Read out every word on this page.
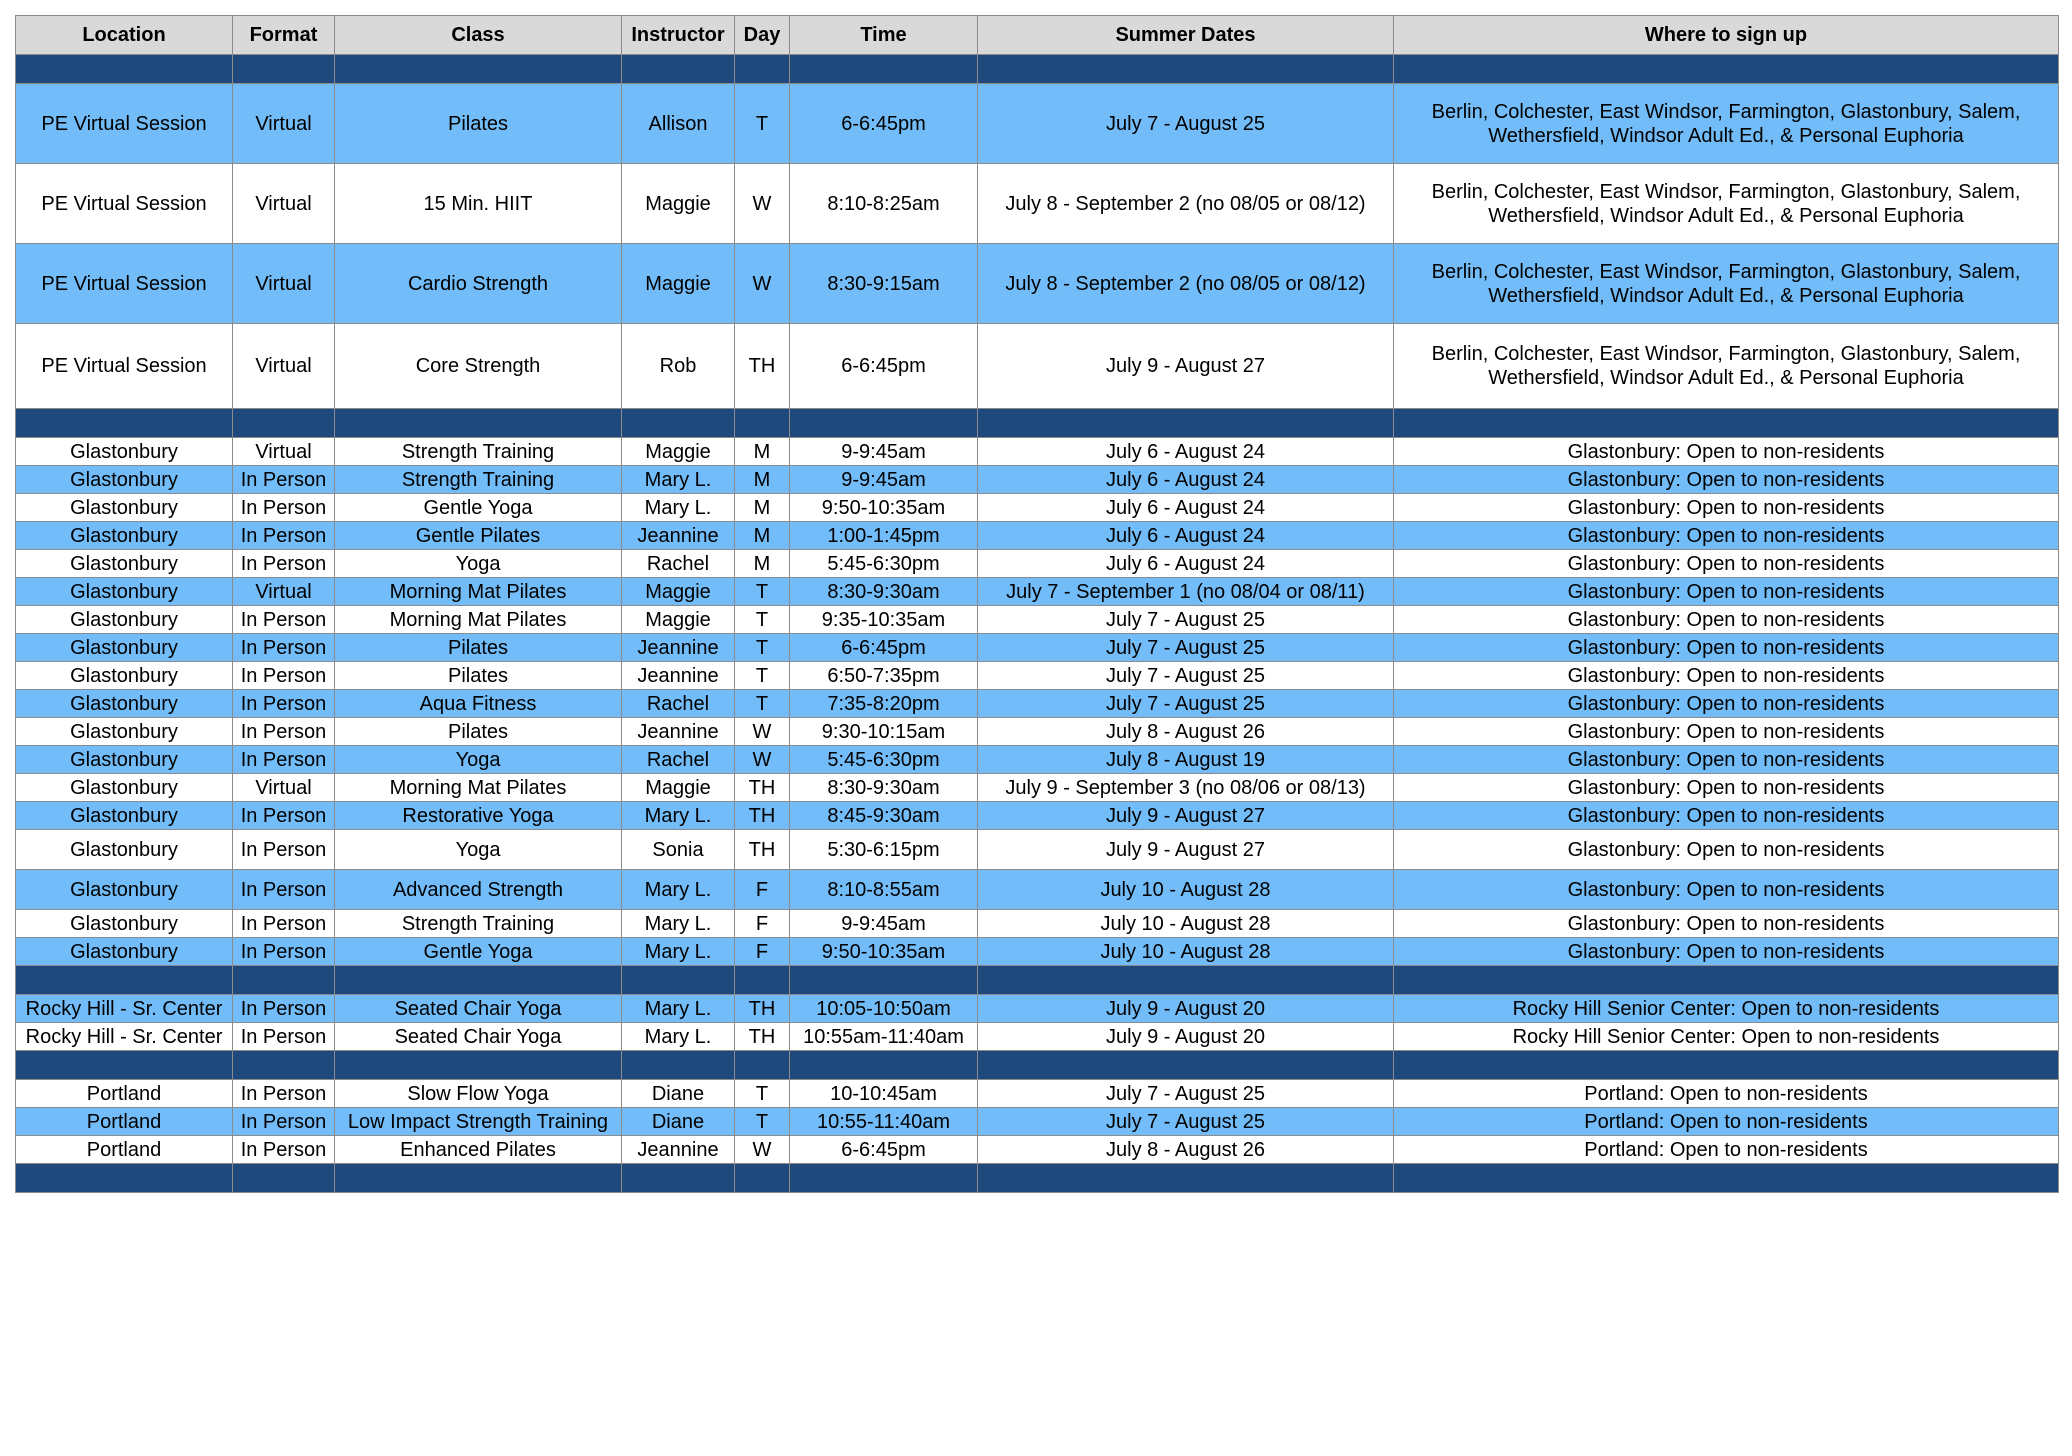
Location	Format	Class	Instructor	Day	Time	Summer Dates	Where to sign up

PE Virtual Session	Virtual	Pilates	Allison	T	6-6:45pm	July 7 - August 25	Berlin, Colchester, East Windsor, Farmington, Glastonbury, Salem, Wethersfield, Windsor Adult Ed., & Personal Euphoria
PE Virtual Session	Virtual	15 Min. HIIT	Maggie	W	8:10-8:25am	July 8 - September 2 (no 08/05 or 08/12)	Berlin, Colchester, East Windsor, Farmington, Glastonbury, Salem, Wethersfield, Windsor Adult Ed., & Personal Euphoria
PE Virtual Session	Virtual	Cardio Strength	Maggie	W	8:30-9:15am	July 8 - September 2 (no 08/05 or 08/12)	Berlin, Colchester, East Windsor, Farmington, Glastonbury, Salem, Wethersfield, Windsor Adult Ed., & Personal Euphoria
PE Virtual Session	Virtual	Core Strength	Rob	TH	6-6:45pm	July 9 - August 27	Berlin, Colchester, East Windsor, Farmington, Glastonbury, Salem, Wethersfield, Windsor Adult Ed., & Personal Euphoria

Glastonbury	Virtual	Strength Training	Maggie	M	9-9:45am	July 6 - August 24	Glastonbury: Open to non-residents
Glastonbury	In Person	Strength Training	Mary L.	M	9-9:45am	July 6 - August 24	Glastonbury: Open to non-residents
Glastonbury	In Person	Gentle Yoga	Mary L.	M	9:50-10:35am	July 6 - August 24	Glastonbury: Open to non-residents
Glastonbury	In Person	Gentle Pilates	Jeannine	M	1:00-1:45pm	July 6 - August 24	Glastonbury: Open to non-residents
Glastonbury	In Person	Yoga	Rachel	M	5:45-6:30pm	July 6 - August 24	Glastonbury: Open to non-residents
Glastonbury	Virtual	Morning Mat Pilates	Maggie	T	8:30-9:30am	July 7 - September 1 (no 08/04 or 08/11)	Glastonbury: Open to non-residents
Glastonbury	In Person	Morning Mat Pilates	Maggie	T	9:35-10:35am	July 7 - August 25	Glastonbury: Open to non-residents
Glastonbury	In Person	Pilates	Jeannine	T	6-6:45pm	July 7 - August 25	Glastonbury: Open to non-residents
Glastonbury	In Person	Pilates	Jeannine	T	6:50-7:35pm	July 7 - August 25	Glastonbury: Open to non-residents
Glastonbury	In Person	Aqua Fitness	Rachel	T	7:35-8:20pm	July 7 - August 25	Glastonbury: Open to non-residents
Glastonbury	In Person	Pilates	Jeannine	W	9:30-10:15am	July 8 - August 26	Glastonbury: Open to non-residents
Glastonbury	In Person	Yoga	Rachel	W	5:45-6:30pm	July 8 - August 19	Glastonbury: Open to non-residents
Glastonbury	Virtual	Morning Mat Pilates	Maggie	TH	8:30-9:30am	July 9 - September 3 (no 08/06 or 08/13)	Glastonbury: Open to non-residents
Glastonbury	In Person	Restorative Yoga	Mary L.	TH	8:45-9:30am	July 9 - August 27	Glastonbury: Open to non-residents
Glastonbury	In Person	Yoga	Sonia	TH	5:30-6:15pm	July 9 - August 27	Glastonbury: Open to non-residents
Glastonbury	In Person	Advanced Strength	Mary L.	F	8:10-8:55am	July 10 - August 28	Glastonbury: Open to non-residents
Glastonbury	In Person	Strength Training	Mary L.	F	9-9:45am	July 10 - August 28	Glastonbury: Open to non-residents
Glastonbury	In Person	Gentle Yoga	Mary L.	F	9:50-10:35am	July 10 - August 28	Glastonbury: Open to non-residents

Rocky Hill - Sr. Center	In Person	Seated Chair Yoga	Mary L.	TH	10:05-10:50am	July 9 - August 20	Rocky Hill Senior Center: Open to non-residents
Rocky Hill - Sr. Center	In Person	Seated Chair Yoga	Mary L.	TH	10:55am-11:40am	July 9 - August 20	Rocky Hill Senior Center: Open to non-residents

Portland	In Person	Slow Flow Yoga	Diane	T	10-10:45am	July 7 - August 25	Portland: Open to non-residents
Portland	In Person	Low Impact Strength Training	Diane	T	10:55-11:40am	July 7 - August 25	Portland: Open to non-residents
Portland	In Person	Enhanced Pilates	Jeannine	W	6-6:45pm	July 8 - August 26	Portland: Open to non-residents
